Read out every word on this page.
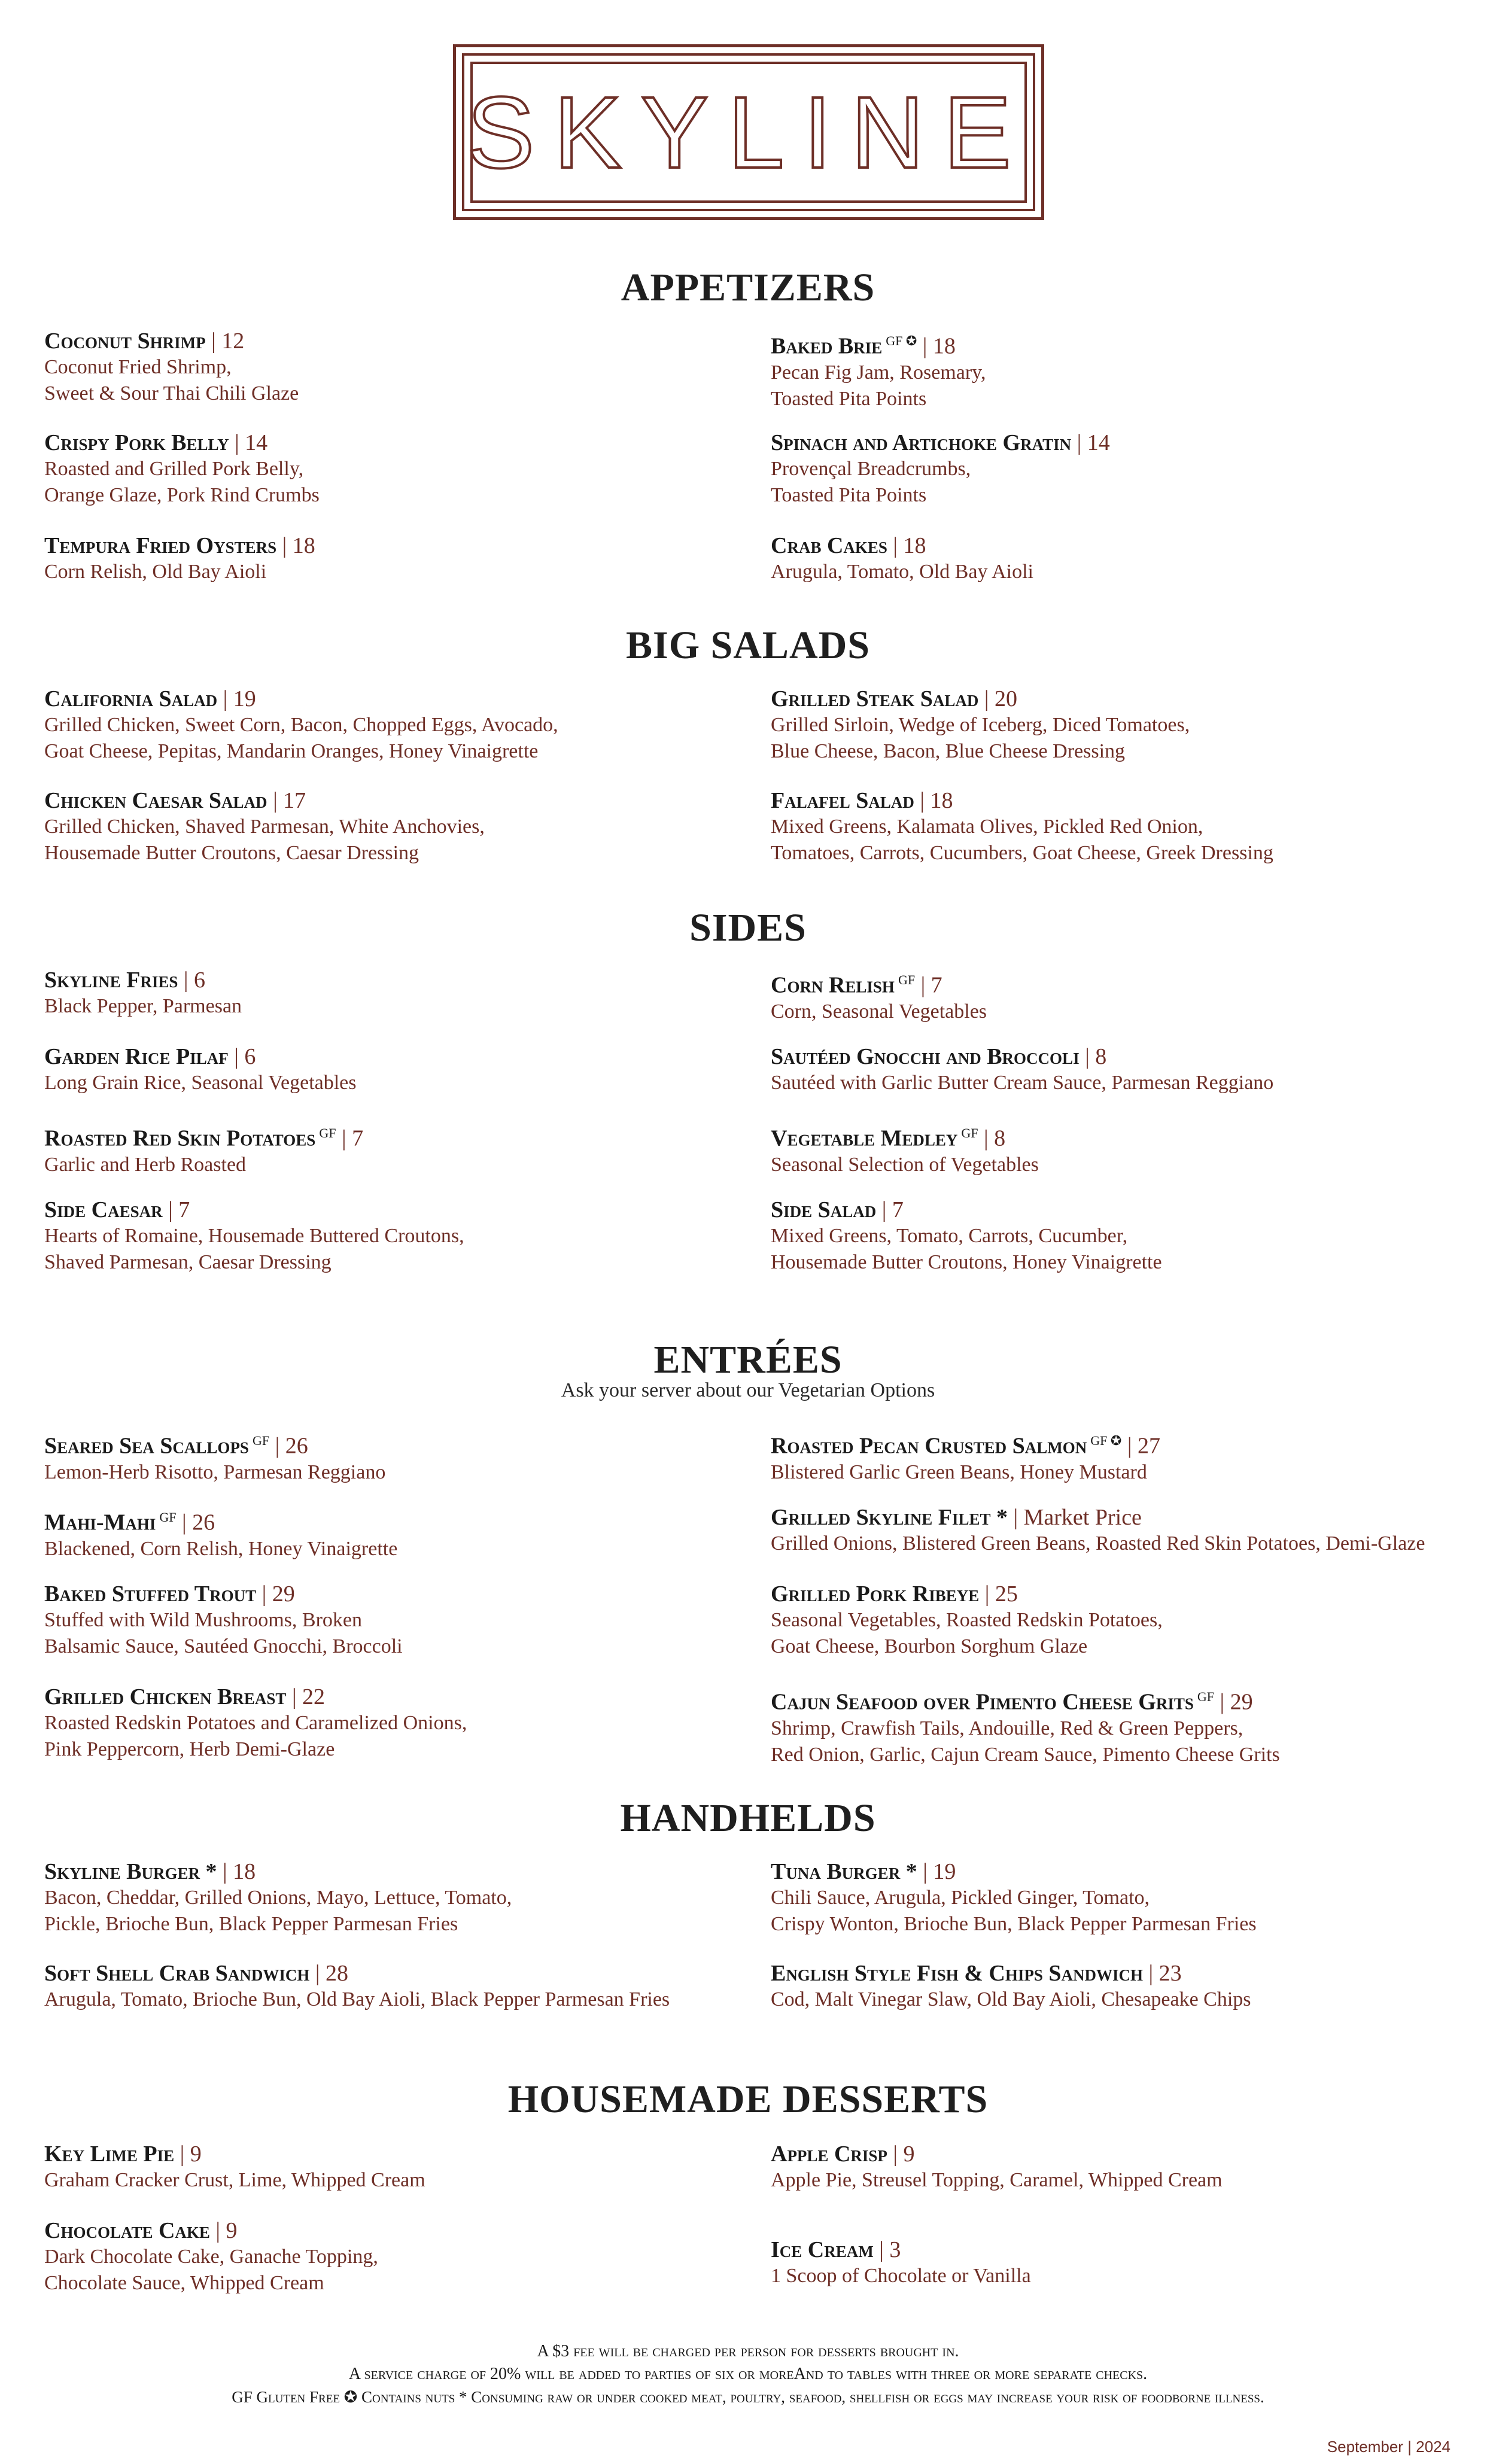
SKYLINE
APPETIZERS
BIG SALADS
SIDES
ENTRÉES
Ask your server about our Vegetarian Options
HANDHELDS
HOUSEMADE DESSERTS
Coconut Shrimp | 12
Coconut Fried Shrimp,
Sweet & Sour Thai Chili Glaze
Baked Brie $^{GF ✪}$ | 18
Pecan Fig Jam, Rosemary,
Toasted Pita Points
Crispy Pork Belly | 14
Roasted and Grilled Pork Belly,
Orange Glaze, Pork Rind Crumbs
Spinach and Artichoke Gratin | 14
Provençal Breadcrumbs,
Toasted Pita Points
Tempura Fried Oysters | 18
Corn Relish, Old Bay Aioli
Crab Cakes | 18
Arugula, Tomato, Old Bay Aioli
California Salad | 19
Grilled Chicken, Sweet Corn, Bacon, Chopped Eggs, Avocado,
Goat Cheese, Pepitas, Mandarin Oranges, Honey Vinaigrette
Grilled Steak Salad | 20
Grilled Sirloin, Wedge of Iceberg, Diced Tomatoes,
Blue Cheese, Bacon, Blue Cheese Dressing
Chicken Caesar Salad | 17
Grilled Chicken, Shaved Parmesan, White Anchovies,
Housemade Butter Croutons, Caesar Dressing
Falafel Salad | 18
Mixed Greens, Kalamata Olives, Pickled Red Onion,
Tomatoes, Carrots, Cucumbers, Goat Cheese, Greek Dressing
Skyline Fries | 6
Black Pepper, Parmesan
Corn Relish $^{GF}$ | 7
Corn, Seasonal Vegetables
Garden Rice Pilaf | 6
Long Grain Rice, Seasonal Vegetables
Sautéed Gnocchi and Broccoli | 8
Sautéed with Garlic Butter Cream Sauce, Parmesan Reggiano
Roasted Red Skin Potatoes $^{GF}$ | 7
Garlic and Herb Roasted
Vegetable Medley $^{GF}$ | 8
Seasonal Selection of Vegetables
Side Caesar | 7
Hearts of Romaine, Housemade Buttered Croutons,
Shaved Parmesan, Caesar Dressing
Side Salad | 7
Mixed Greens, Tomato, Carrots, Cucumber,
Housemade Butter Croutons, Honey Vinaigrette
Seared Sea Scallops $^{GF}$ | 26
Lemon-Herb Risotto, Parmesan Reggiano
Roasted Pecan Crusted Salmon $^{GF ✪}$ | 27
Blistered Garlic Green Beans, Honey Mustard
Mahi-Mahi $^{GF}$ | 26
Blackened, Corn Relish, Honey Vinaigrette
Grilled Skyline Filet * | Market Price
Grilled Onions, Blistered Green Beans, Roasted Red Skin Potatoes, Demi-Glaze
Baked Stuffed Trout | 29
Stuffed with Wild Mushrooms, Broken
Balsamic Sauce, Sautéed Gnocchi, Broccoli
Grilled Pork Ribeye | 25
Seasonal Vegetables, Roasted Redskin Potatoes,
Goat Cheese, Bourbon Sorghum Glaze
Grilled Chicken Breast | 22
Roasted Redskin Potatoes and Caramelized Onions,
Pink Peppercorn, Herb Demi-Glaze
Cajun Seafood over Pimento Cheese Grits $^{GF}$ | 29
Shrimp, Crawfish Tails, Andouille, Red & Green Peppers,
Red Onion, Garlic, Cajun Cream Sauce, Pimento Cheese Grits
Skyline Burger * | 18
Bacon, Cheddar, Grilled Onions, Mayo, Lettuce, Tomato,
Pickle, Brioche Bun, Black Pepper Parmesan Fries
Tuna Burger * | 19
Chili Sauce, Arugula, Pickled Ginger, Tomato,
Crispy Wonton, Brioche Bun, Black Pepper Parmesan Fries
Soft Shell Crab Sandwich | 28
Arugula, Tomato, Brioche Bun, Old Bay Aioli, Black Pepper Parmesan Fries
English Style Fish & Chips Sandwich | 23
Cod, Malt Vinegar Slaw, Old Bay Aioli, Chesapeake Chips
Key Lime Pie | 9
Graham Cracker Crust, Lime, Whipped Cream
Apple Crisp | 9
Apple Pie, Streusel Topping, Caramel, Whipped Cream
Chocolate Cake | 9
Dark Chocolate Cake, Ganache Topping,
Chocolate Sauce, Whipped Cream
Ice Cream | 3
1 Scoop of Chocolate or Vanilla
A $3 fee will be charged per person for desserts brought in.
A service charge of 20% will be added to parties of six or moreAnd to tables with three or more separate checks.
GF Gluten Free ✪ Contains nuts * Consuming raw or under cooked meat, poultry, seafood, shellfish or eggs may increase your risk of foodborne illness.
September | 2024
